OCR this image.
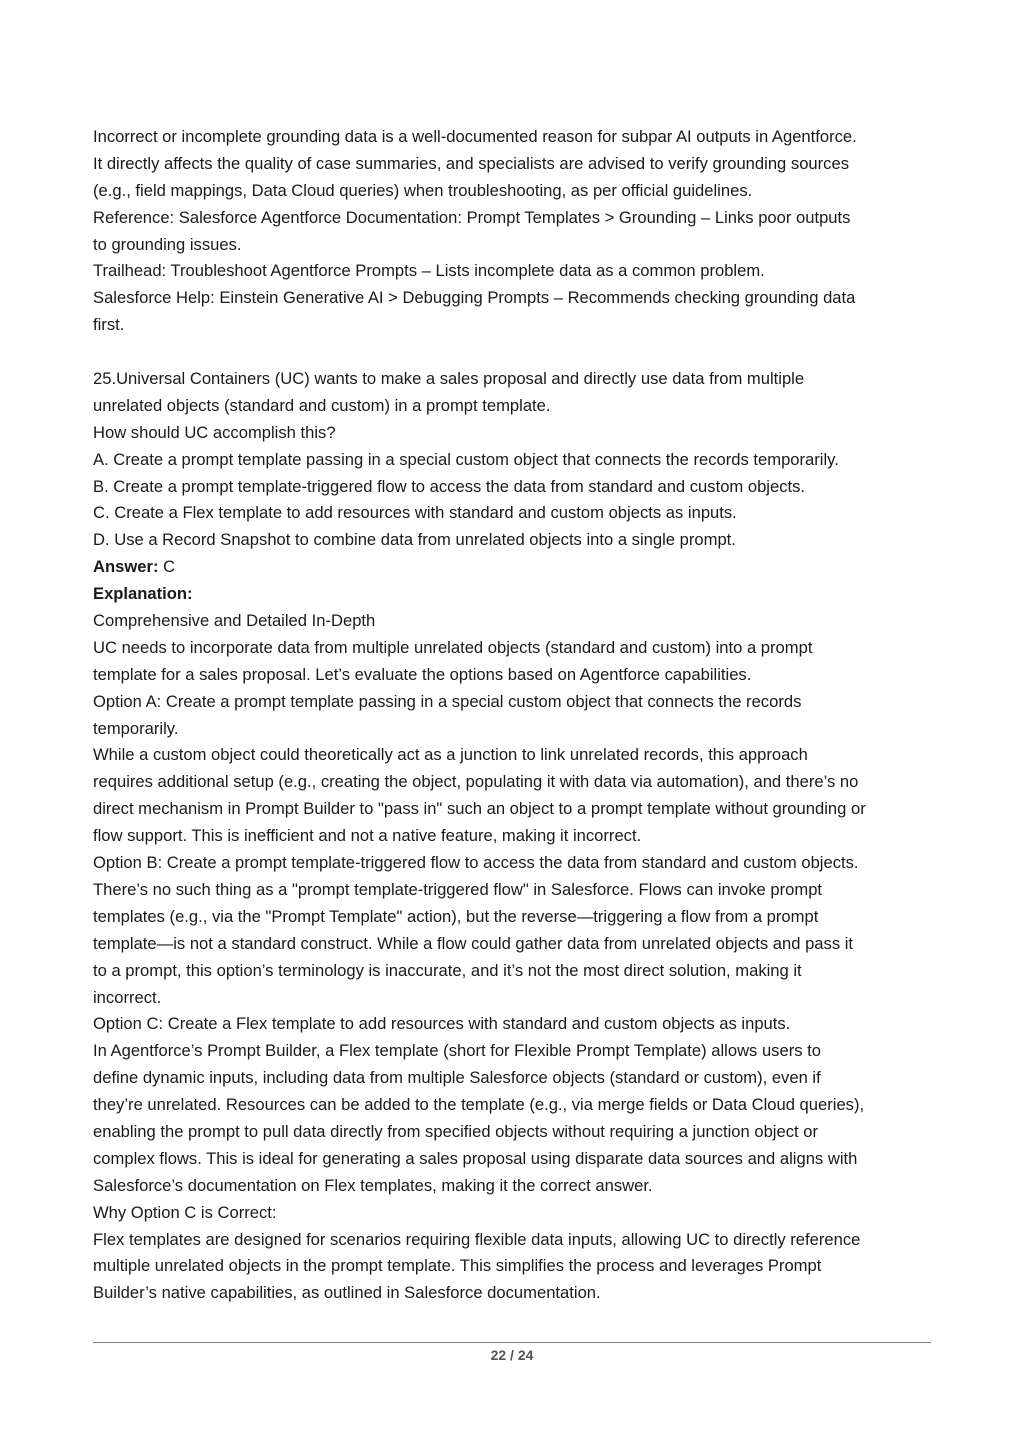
Incorrect or incomplete grounding data is a well-documented reason for subpar AI outputs in Agentforce.
It directly affects the quality of case summaries, and specialists are advised to verify grounding sources
(e.g., field mappings, Data Cloud queries) when troubleshooting, as per official guidelines.
Reference: Salesforce Agentforce Documentation: Prompt Templates > Grounding – Links poor outputs
to grounding issues.
Trailhead: Troubleshoot Agentforce Prompts – Lists incomplete data as a common problem.
Salesforce Help: Einstein Generative AI > Debugging Prompts – Recommends checking grounding data
first.
25.Universal Containers (UC) wants to make a sales proposal and directly use data from multiple
unrelated objects (standard and custom) in a prompt template.
How should UC accomplish this?
A. Create a prompt template passing in a special custom object that connects the records temporarily.
B. Create a prompt template-triggered flow to access the data from standard and custom objects.
C. Create a Flex template to add resources with standard and custom objects as inputs.
D. Use a Record Snapshot to combine data from unrelated objects into a single prompt.
Answer: C
Explanation:
Comprehensive and Detailed In-Depth
UC needs to incorporate data from multiple unrelated objects (standard and custom) into a prompt
template for a sales proposal. Let’s evaluate the options based on Agentforce capabilities.
Option A: Create a prompt template passing in a special custom object that connects the records
temporarily.
While a custom object could theoretically act as a junction to link unrelated records, this approach
requires additional setup (e.g., creating the object, populating it with data via automation), and there’s no
direct mechanism in Prompt Builder to "pass in" such an object to a prompt template without grounding or
flow support. This is inefficient and not a native feature, making it incorrect.
Option B: Create a prompt template-triggered flow to access the data from standard and custom objects.
There’s no such thing as a "prompt template-triggered flow" in Salesforce. Flows can invoke prompt
templates (e.g., via the "Prompt Template" action), but the reverse—triggering a flow from a prompt
template—is not a standard construct. While a flow could gather data from unrelated objects and pass it
to a prompt, this option’s terminology is inaccurate, and it’s not the most direct solution, making it
incorrect.
Option C: Create a Flex template to add resources with standard and custom objects as inputs.
In Agentforce’s Prompt Builder, a Flex template (short for Flexible Prompt Template) allows users to
define dynamic inputs, including data from multiple Salesforce objects (standard or custom), even if
they’re unrelated. Resources can be added to the template (e.g., via merge fields or Data Cloud queries),
enabling the prompt to pull data directly from specified objects without requiring a junction object or
complex flows. This is ideal for generating a sales proposal using disparate data sources and aligns with
Salesforce’s documentation on Flex templates, making it the correct answer.
Why Option C is Correct:
Flex templates are designed for scenarios requiring flexible data inputs, allowing UC to directly reference
multiple unrelated objects in the prompt template. This simplifies the process and leverages Prompt
Builder’s native capabilities, as outlined in Salesforce documentation.
22 / 24
